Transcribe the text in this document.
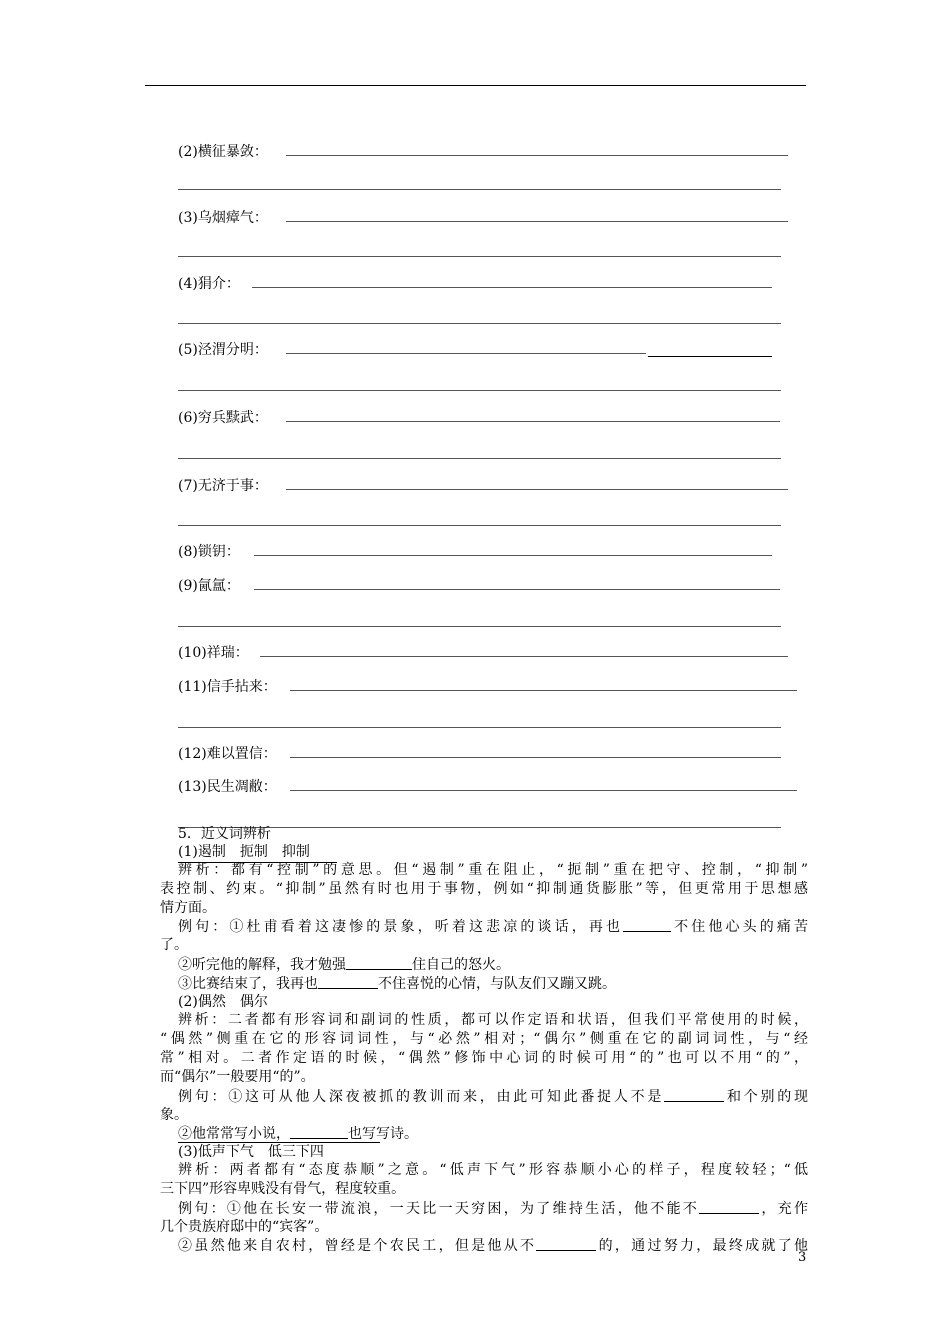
(2)横征暴敛：
(3)乌烟瘴气：
(4)狷介：
(5)泾渭分明：
(6)穷兵黩武：
(7)无济于事：
(8)锁钥：
(9)氤氲：
(10)祥瑞：
(11)信手拈来：
(12)难以置信：
(13)民生凋敝：
5．近义词辨析
(1)遏制　扼制　抑制
辨析：都有“控制”的意思。但“遏制”重在阻止，“扼制”重在把守、控制，“抑制”
表控制、约束。“抑制”虽然有时也用于事物，例如“抑制通货膨胀”等，但更常用于思想感
情方面。
例句：①杜甫看着这凄惨的景象，听着这悲凉的谈话，再也	不住他心头的痛苦
了。
②听完他的解释，我才勉强	住自己的怒火。
③比赛结束了，我再也	不住喜悦的心情，与队友们又蹦又跳。
(2)偶然　偶尔
辨析：二者都有形容词和副词的性质，都可以作定语和状语，但我们平常使用的时候，
“偶然”侧重在它的形容词词性，与“必然”相对；“偶尔”侧重在它的副词词性，与“经
常”相对。二者作定语的时候，“偶然”修饰中心词的时候可用“的”也可以不用“的”，
而“偶尔”一般要用“的”。
例句：①这可从他人深夜被抓的教训而来，由此可知此番捉人不是	和个别的现
象。
②他常常写小说，	也写写诗。
(3)低声下气　低三下四
辨析：两者都有“态度恭顺”之意。“低声下气”形容恭顺小心的样子，程度较轻；“低
三下四”形容卑贱没有骨气，程度较重。
例句：①他在长安一带流浪，一天比一天穷困，为了维持生活，他不能不	，充作
几个贵族府邸中的“宾客”。
②虽然他来自农村，曾经是个农民工，但是他从不	的，通过努力，最终成就了他
3
